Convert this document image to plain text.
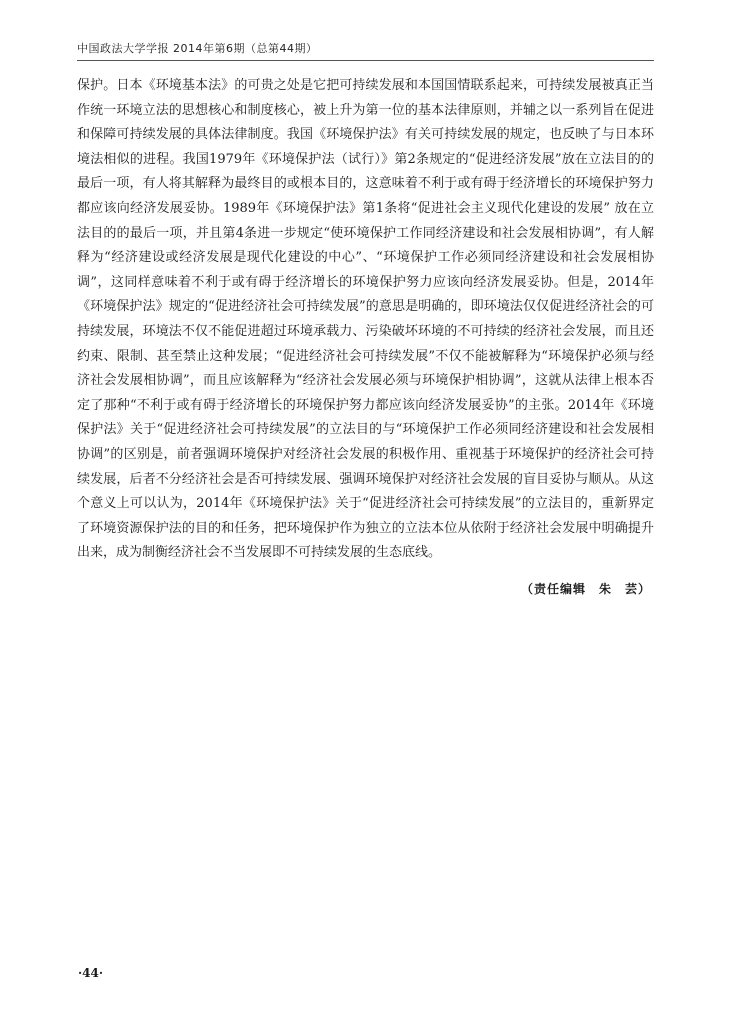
中国政法大学学报 2014年第6期（总第44期）

保护。日本《环境基本法》的可贵之处是它把可持续发展和本国国情联系起来，可持续发展被真正当作统一环境立法的思想核心和制度核心，被上升为第一位的基本法律原则，并辅之以一系列旨在促进和保障可持续发展的具体法律制度。我国《环境保护法》有关可持续发展的规定，也反映了与日本环境法相似的进程。我国1979年《环境保护法（试行）》第2条规定的“促进经济发展”放在立法目的的最后一项，有人将其解释为最终目的或根本目的，这意味着不利于或有碍于经济增长的环境保护努力都应该向经济发展妥协。1989年《环境保护法》第1条将“促进社会主义现代化建设的发展” 放在立法目的的最后一项，并且第4条进一步规定“使环境保护工作同经济建设和社会发展相协调”，有人解释为“经济建设或经济发展是现代化建设的中心”、“环境保护工作必须同经济建设和社会发展相协调”，这同样意味着不利于或有碍于经济增长的环境保护努力应该向经济发展妥协。但是，2014年《环境保护法》规定的“促进经济社会可持续发展”的意思是明确的，即环境法仅仅促进经济社会的可持续发展，环境法不仅不能促进超过环境承载力、污染破坏环境的不可持续的经济社会发展，而且还约束、限制、甚至禁止这种发展；“促进经济社会可持续发展”不仅不能被解释为“环境保护必须与经济社会发展相协调”，而且应该解释为“经济社会发展必须与环境保护相协调”，这就从法律上根本否定了那种“不利于或有碍于经济增长的环境保护努力都应该向经济发展妥协”的主张。2014年《环境保护法》关于“促进经济社会可持续发展”的立法目的与“环境保护工作必须同经济建设和社会发展相协调”的区别是，前者强调环境保护对经济社会发展的积极作用、重视基于环境保护的经济社会可持续发展，后者不分经济社会是否可持续发展、强调环境保护对经济社会发展的盲目妥协与顺从。从这个意义上可以认为，2014年《环境保护法》关于“促进经济社会可持续发展”的立法目的，重新界定了环境资源保护法的目的和任务，把环境保护作为独立的立法本位从依附于经济社会发展中明确提升出来，成为制衡经济社会不当发展即不可持续发展的生态底线。

（责任编辑　朱　芸）
·44·
